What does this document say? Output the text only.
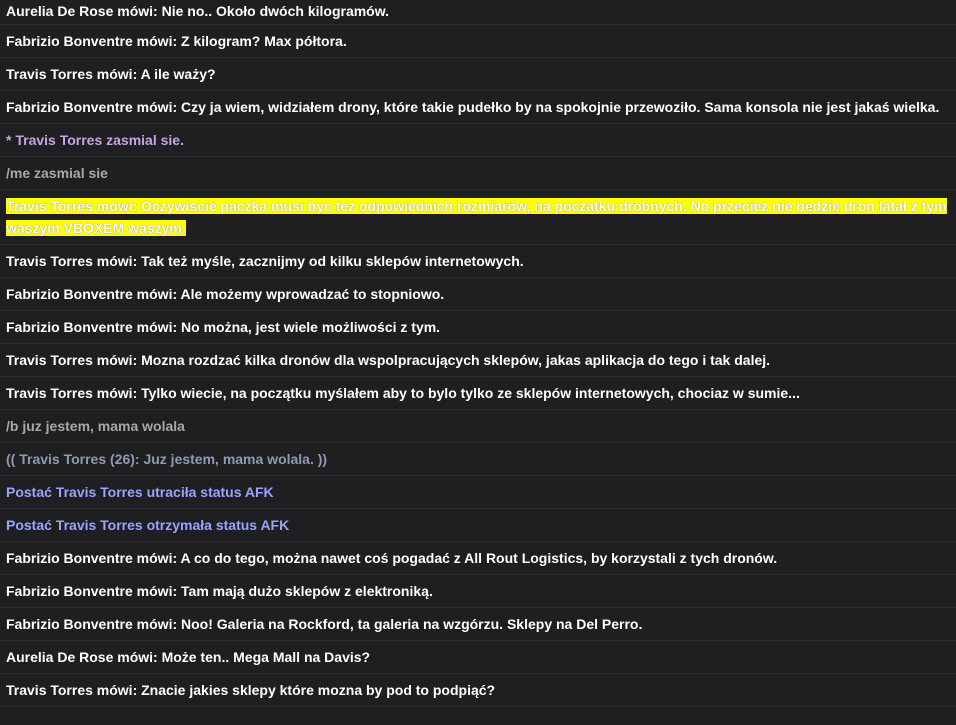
Aurelia De Rose mówi: Nie no.. Około dwóch kilogramów.
Fabrizio Bonventre mówi: Z kilogram? Max półtora.
Travis Torres mówi: A ile waży?
Fabrizio Bonventre mówi: Czy ja wiem, widziałem drony, które takie pudełko by na spokojnie przewoziło. Sama konsola nie jest jakaś wielka.
* Travis Torres zasmial sie.
/me zasmial sie
Travis Torres mówi: Oczywiscie paczka musi byc tez odpowiednich rozmiarów, na początku drobnych. No przeciez nie będzie dron latał z tym waszym VBOXEM waszym.
Travis Torres mówi: Tak też myśle, zacznijmy od kilku sklepów internetowych.
Fabrizio Bonventre mówi: Ale możemy wprowadzać to stopniowo.
Fabrizio Bonventre mówi: No można, jest wiele możliwości z tym.
Travis Torres mówi: Mozna rozdzać kilka dronów dla wspolpracujących sklepów, jakas aplikacja do tego i tak dalej.
Travis Torres mówi: Tylko wiecie, na początku myślałem aby to bylo tylko ze sklepów internetowych, chociaz w sumie...
/b juz jestem, mama wolala
(( Travis Torres (26): Juz jestem, mama wolala. ))
Postać Travis Torres utraciła status AFK
Postać Travis Torres otrzymała status AFK
Fabrizio Bonventre mówi: A co do tego, można nawet coś pogadać z All Rout Logistics, by korzystali z tych dronów.
Fabrizio Bonventre mówi: Tam mają dużo sklepów z elektroniką.
Fabrizio Bonventre mówi: Noo! Galeria na Rockford, ta galeria na wzgórzu. Sklepy na Del Perro.
Aurelia De Rose mówi: Może ten.. Mega Mall na Davis?
Travis Torres mówi: Znacie jakies sklepy które mozna by pod to podpiąć?
